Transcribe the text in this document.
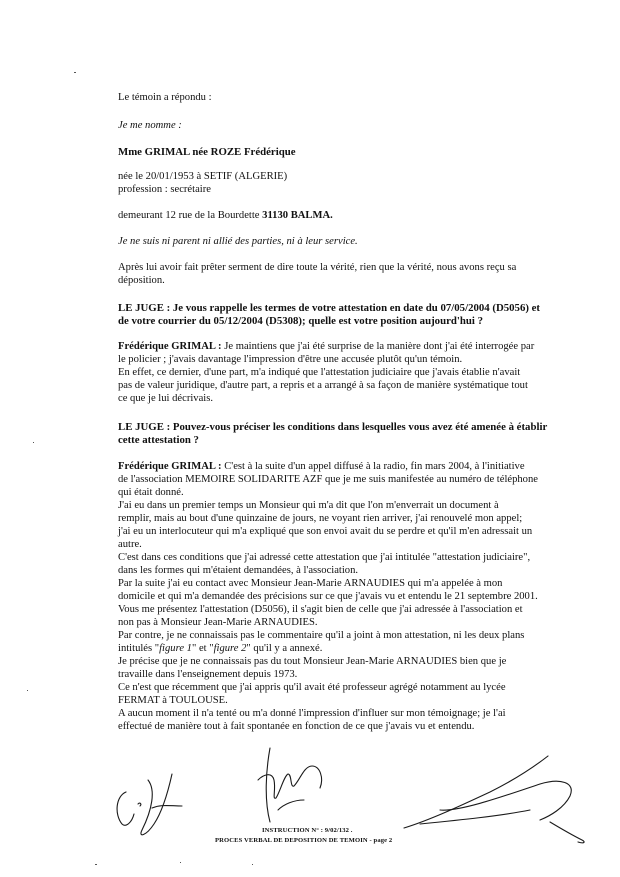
Le témoin a répondu :
Je me nomme :
Mme GRIMAL née ROZE Frédérique
née le 20/01/1953 à SETIF (ALGERIE)
profession : secrétaire
demeurant 12 rue de la Bourdette 31130 BALMA.
Je ne suis ni parent ni allié des parties, ni à leur service.
Après lui avoir fait prêter serment de dire toute la vérité, rien que la vérité, nous avons reçu sa
déposition.
LE JUGE : Je vous rappelle les termes de votre attestation en date du 07/05/2004 (D5056) et
de votre courrier du 05/12/2004 (D5308); quelle est votre position aujourd'hui ?
Frédérique GRIMAL : Je maintiens que j'ai été surprise de la manière dont j'ai été interrogée par
le policier ; j'avais davantage l'impression d'être une accusée plutôt qu'un témoin.
En effet, ce dernier, d'une part, m'a indiqué que l'attestation judiciaire que j'avais établie n'avait
pas de valeur juridique, d'autre part, a repris et a arrangé à sa façon de manière systématique tout
ce que je lui décrivais.
LE JUGE : Pouvez-vous préciser les conditions dans lesquelles vous avez été amenée à établir
cette attestation ?
Frédérique GRIMAL : C'est à la suite d'un appel diffusé à la radio, fin mars 2004, à l'initiative
de l'association MEMOIRE SOLIDARITE AZF que je me suis manifestée au numéro de téléphone
qui était donné.
J'ai eu dans un premier temps un Monsieur qui m'a dit que l'on m'enverrait un document à
remplir, mais au bout d'une quinzaine de jours, ne voyant rien arriver, j'ai renouvelé mon appel;
j'ai eu un interlocuteur qui m'a expliqué que son envoi avait du se perdre et qu'il m'en adressait un
autre.
C'est dans ces conditions que j'ai adressé cette attestation que j'ai intitulée "attestation judiciaire",
dans les formes qui m'étaient demandées, à l'association.
Par la suite j'ai eu contact avec Monsieur Jean-Marie ARNAUDIES qui m'a appelée à mon
domicile et qui m'a demandée des précisions sur ce que j'avais vu et entendu le 21 septembre 2001.
Vous me présentez l'attestation (D5056), il s'agit bien de celle que j'ai adressée à l'association et
non pas à Monsieur Jean-Marie ARNAUDIES.
Par contre, je ne connaissais pas le commentaire qu'il a joint à mon attestation, ni les deux plans
intitulés "figure 1" et "figure 2" qu'il y a annexé.
Je précise que je ne connaissais pas du tout Monsieur Jean-Marie ARNAUDIES bien que je
travaille dans l'enseignement depuis 1973.
Ce n'est que récemment que j'ai appris qu'il avait été professeur agrégé notamment au lycée
FERMAT à TOULOUSE.
A aucun moment il n'a tenté ou m'a donné l'impression d'influer sur mon témoignage; je l'ai
effectué de manière tout à fait spontanée en fonction de ce que j'avais vu et entendu.
INSTRUCTION N° : 9/02/132 .
PROCES VERBAL DE DEPOSITION DE TEMOIN - page 2
